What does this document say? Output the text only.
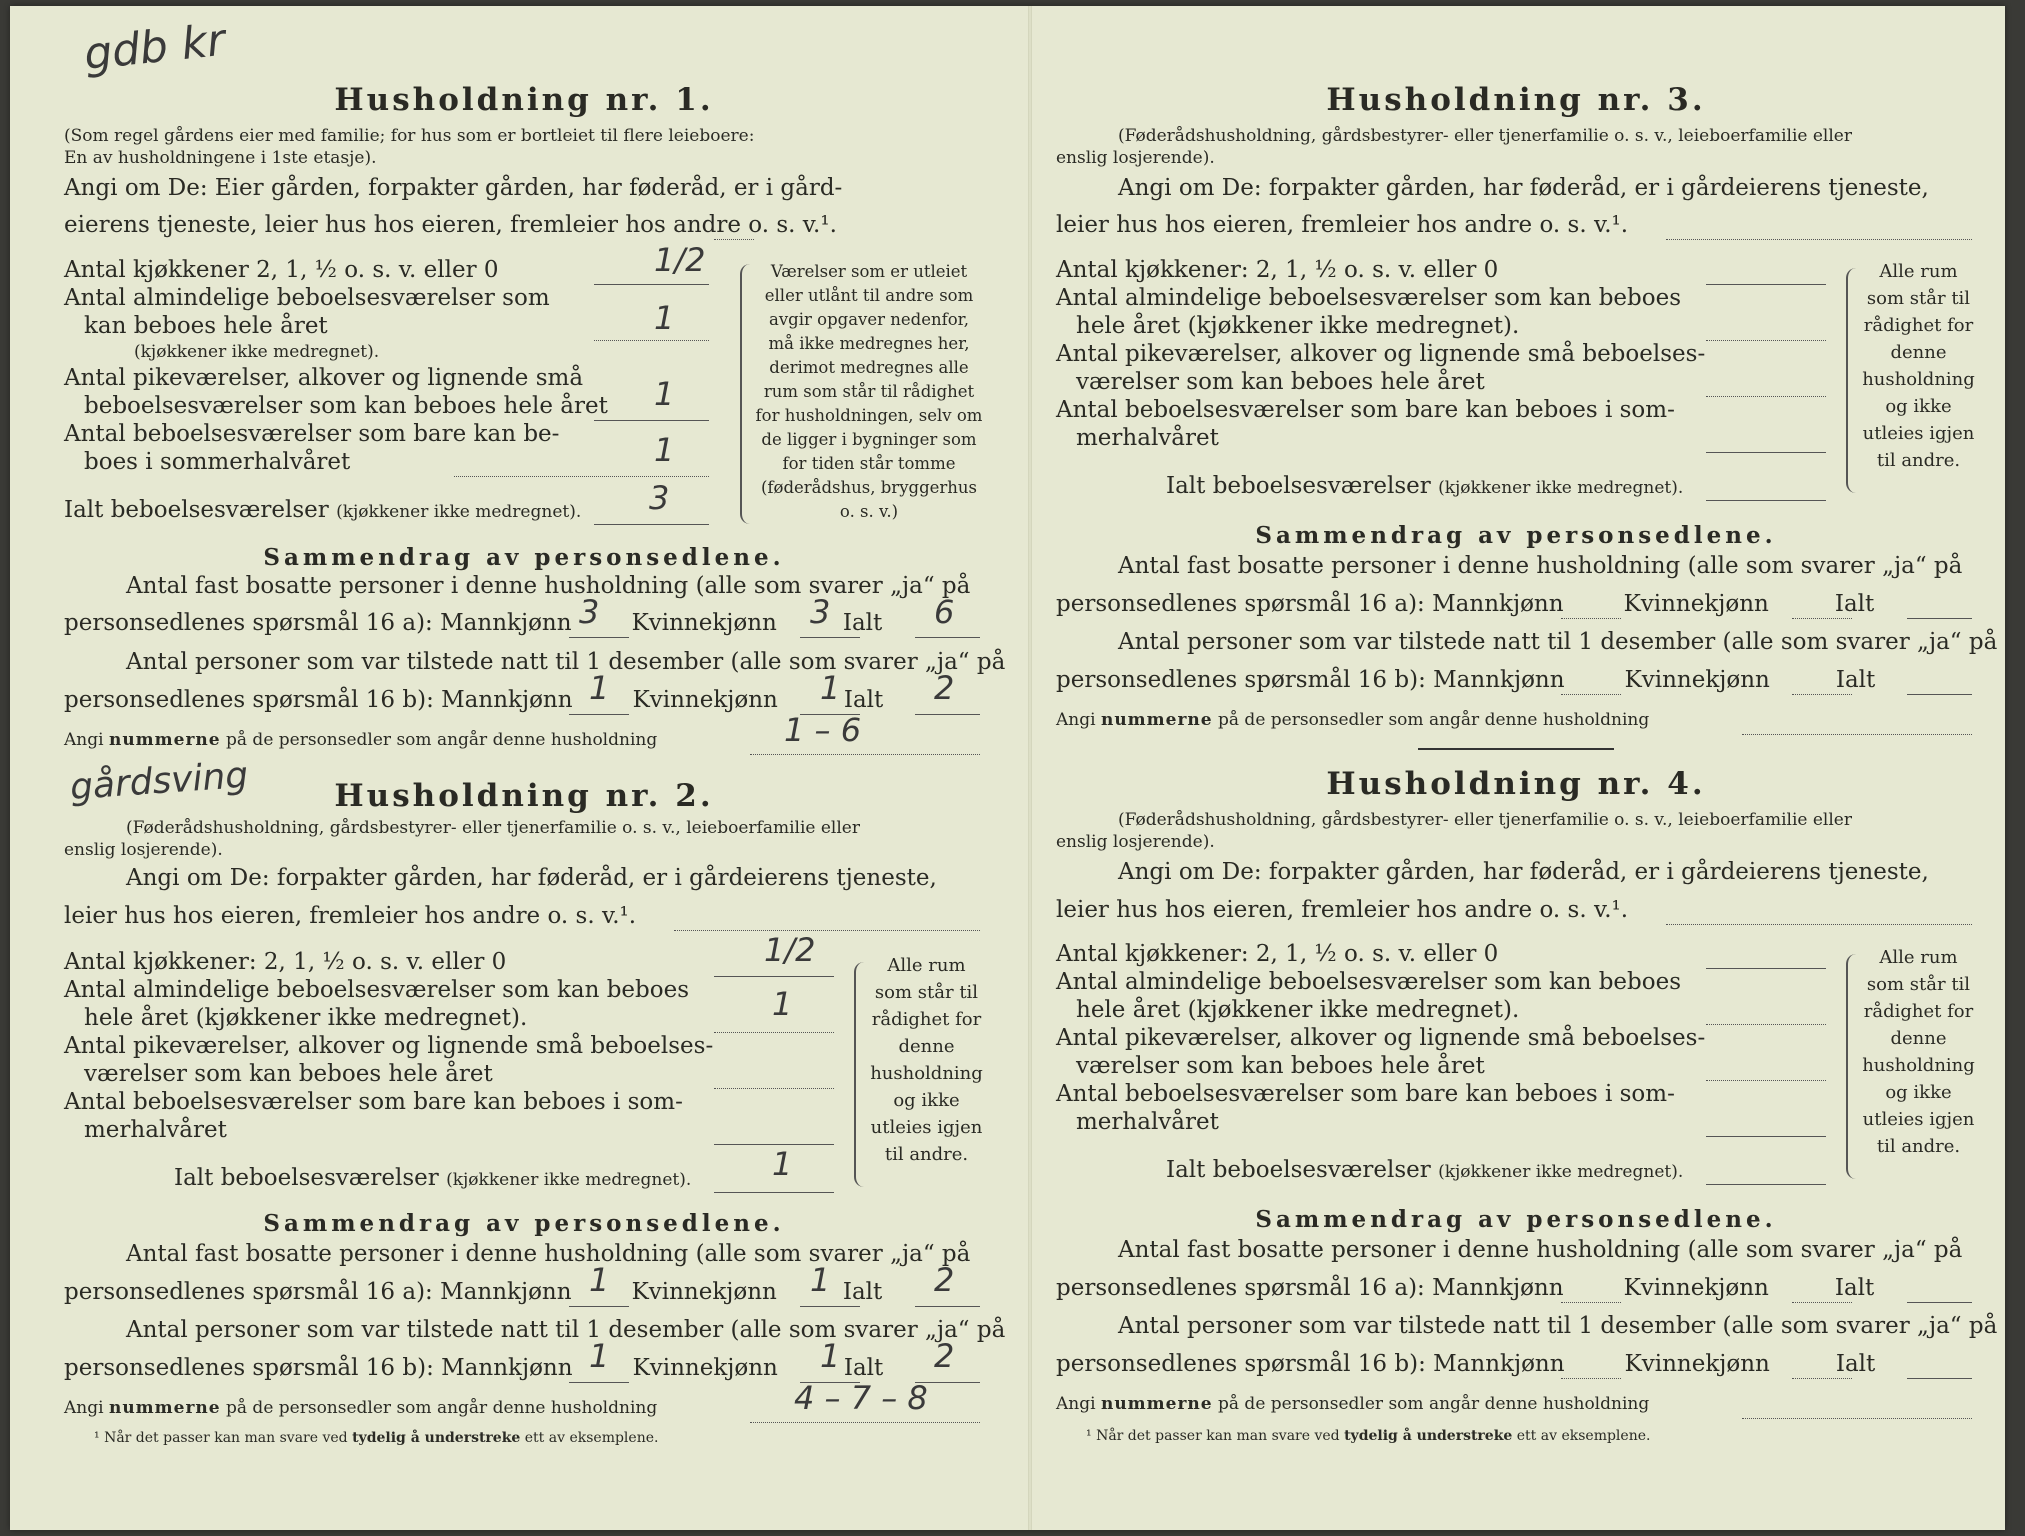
gdb kr
Husholdning nr. 1.
(Som regel gårdens eier med familie; for hus som er bortleiet til flere leieboere:
En av husholdningene i 1ste etasje).
Angi om De: Eier gården, forpakter gården, har føderåd, er i gård-
eierens tjeneste, leier hus hos eieren, fremleier hos andre o. s. v.¹.
Antal kjøkkener 2, 1, ½ o. s. v. eller 0	1/2
Antal almindelige beboelsesværelser som
kan beboes hele året
(kjøkkener ikke medregnet).
1
Antal pikeværelser, alkover og lignende små
beboelsesværelser som kan beboes hele året	1
Antal beboelsesværelser som bare kan be-
boes i sommerhalvåret	1
Ialt beboelsesværelser (kjøkkener ikke medregnet).	3
Værelser som er utleiet eller utlånt til andre som avgir opgaver nedenfor, må ikke medregnes her, derimot medregnes alle rum som står til rådighet for husholdningen, selv om de ligger i bygninger som for tiden står tomme (føderådshus, bryggerhus o. s. v.)
Sammendrag av personsedlene.
Antal fast bosatte personer i denne husholdning (alle som svarer „ja“ på
personsedlenes spørsmål 16 a): Mannkjønn	Kvinnekjønn	Ialt
3	3	6
Antal personer som var tilstede natt til 1 desember (alle som svarer „ja“ på
personsedlenes spørsmål 16 b): Mannkjønn	Kvinnekjønn	Ialt
1	1	2
Angi nummerne på de personsedler som angår denne husholdning	1 – 6
gårdsving	Husholdning nr. 2.
(Føderådshusholdning, gårdsbestyrer- eller tjenerfamilie o. s. v., leieboerfamilie eller
enslig losjerende).
Angi om De: forpakter gården, har føderåd, er i gårdeierens tjeneste,
leier hus hos eieren, fremleier hos andre o. s. v.¹.
Antal kjøkkener: 2, 1, ½ o. s. v. eller 0	1/2
Antal almindelige beboelsesværelser som kan beboes
hele året (kjøkkener ikke medregnet).	1
Antal pikeværelser, alkover og lignende små beboelses-
værelser som kan beboes hele året
Antal beboelsesværelser som bare kan beboes i som-
merhalvåret
Ialt beboelsesværelser (kjøkkener ikke medregnet).	1
Alle rum som står til rådighet for denne husholdning og ikke utleies igjen til andre.
Sammendrag av personsedlene.
Antal fast bosatte personer i denne husholdning (alle som svarer „ja“ på
personsedlenes spørsmål 16 a): Mannkjønn	Kvinnekjønn	Ialt
1	1	2
Antal personer som var tilstede natt til 1 desember (alle som svarer „ja“ på
personsedlenes spørsmål 16 b): Mannkjønn	Kvinnekjønn	Ialt
1	1	2
Angi nummerne på de personsedler som angår denne husholdning	4 – 7 – 8
¹ Når det passer kan man svare ved tydelig å understreke ett av eksemplene.
Husholdning nr. 3.
(Føderådshusholdning, gårdsbestyrer- eller tjenerfamilie o. s. v., leieboerfamilie eller
enslig losjerende).
Angi om De: forpakter gården, har føderåd, er i gårdeierens tjeneste,
leier hus hos eieren, fremleier hos andre o. s. v.¹.
Antal kjøkkener: 2, 1, ½ o. s. v. eller 0
Antal almindelige beboelsesværelser som kan beboes
hele året (kjøkkener ikke medregnet).
Antal pikeværelser, alkover og lignende små beboelses-
værelser som kan beboes hele året
Antal beboelsesværelser som bare kan beboes i som-
merhalvåret
Ialt beboelsesværelser (kjøkkener ikke medregnet).
Alle rum som står til rådighet for denne husholdning og ikke utleies igjen til andre.
Sammendrag av personsedlene.
Antal fast bosatte personer i denne husholdning (alle som svarer „ja“ på
personsedlenes spørsmål 16 a): Mannkjønn	Kvinnekjønn	Ialt
Antal personer som var tilstede natt til 1 desember (alle som svarer „ja“ på
personsedlenes spørsmål 16 b): Mannkjønn	Kvinnekjønn	Ialt
Angi nummerne på de personsedler som angår denne husholdning
Husholdning nr. 4.
(Føderådshusholdning, gårdsbestyrer- eller tjenerfamilie o. s. v., leieboerfamilie eller
enslig losjerende).
Angi om De: forpakter gården, har føderåd, er i gårdeierens tjeneste,
leier hus hos eieren, fremleier hos andre o. s. v.¹.
Antal kjøkkener: 2, 1, ½ o. s. v. eller 0
Antal almindelige beboelsesværelser som kan beboes
hele året (kjøkkener ikke medregnet).
Antal pikeværelser, alkover og lignende små beboelses-
værelser som kan beboes hele året
Antal beboelsesværelser som bare kan beboes i som-
merhalvåret
Ialt beboelsesværelser (kjøkkener ikke medregnet).
Alle rum som står til rådighet for denne husholdning og ikke utleies igjen til andre.
Sammendrag av personsedlene.
Antal fast bosatte personer i denne husholdning (alle som svarer „ja“ på
personsedlenes spørsmål 16 a): Mannkjønn	Kvinnekjønn	Ialt
Antal personer som var tilstede natt til 1 desember (alle som svarer „ja“ på
personsedlenes spørsmål 16 b): Mannkjønn	Kvinnekjønn	Ialt
Angi nummerne på de personsedler som angår denne husholdning
¹ Når det passer kan man svare ved tydelig å understreke ett av eksemplene.
